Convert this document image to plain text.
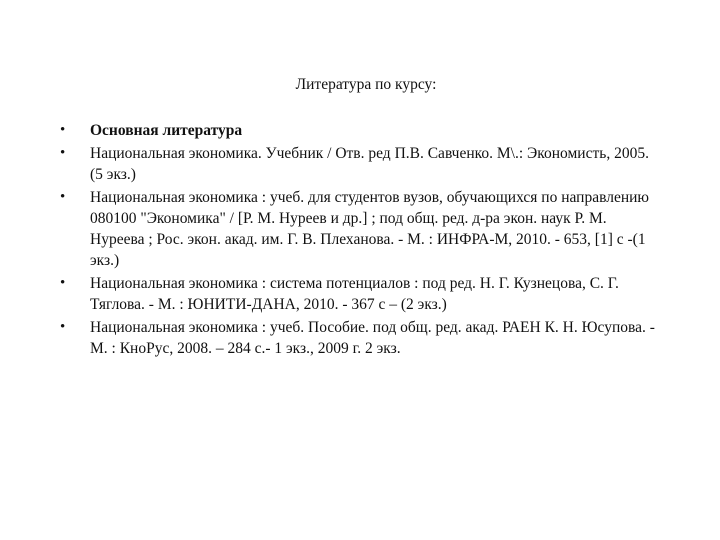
Литература по курсу:
• Основная литература
• Национальная экономика. Учебник / Отв. ред П.В. Савченко. М\.: Экономисть, 2005. (5 экз.)
• Национальная экономика : учеб. для студентов вузов, обучающихся по направлению 080100 "Экономика" / [Р. М. Нуреев и др.] ; под общ. ред. д-ра экон. наук Р. М. Нуреева ; Рос. экон. акад. им. Г. В. Плеханова. - М. : ИНФРА-М, 2010. - 653, [1] с -(1 экз.)
• Национальная экономика : система потенциалов : под ред. Н. Г. Кузнецова, С. Г. Тяглова. - М. : ЮНИТИ-ДАНА, 2010. - 367 с – (2 экз.)
• Национальная экономика : учеб. Пособие. под общ. ред. акад. РАЕН К. Н. Юсупова. - М. : КноРус, 2008. – 284 с.- 1 экз., 2009 г. 2 экз.
